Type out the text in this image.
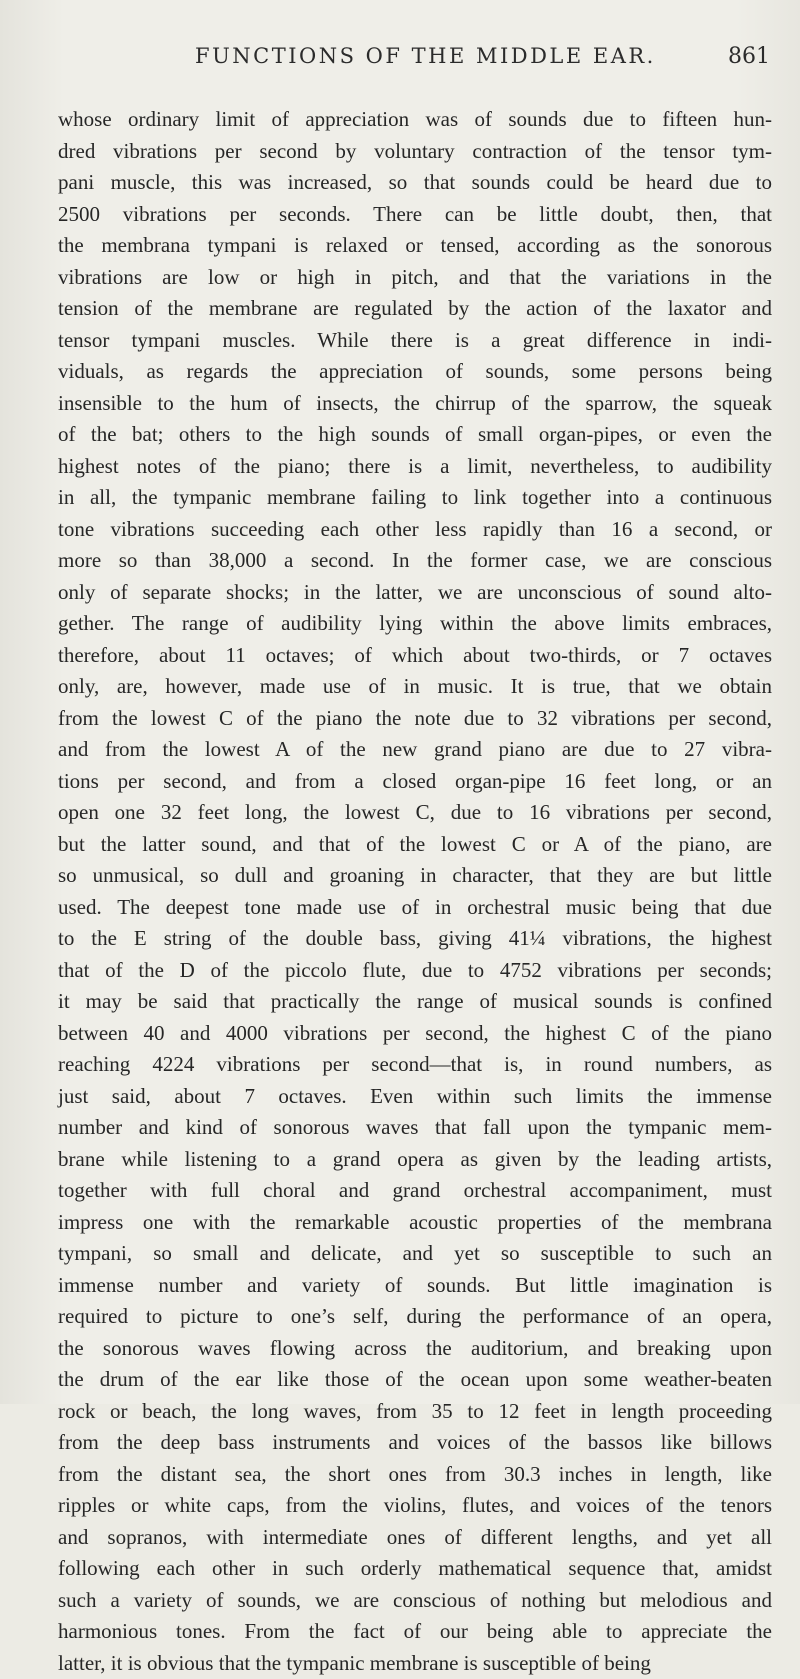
FUNCTIONS OF THE MIDDLE EAR.	861
whose ordinary limit of appreciation was of sounds due to fifteen hun-
dred vibrations per second by voluntary contraction of the tensor tym-
pani muscle, this was increased, so that sounds could be heard due to
2500 vibrations per seconds. There can be little doubt, then, that
the membrana tympani is relaxed or tensed, according as the sonorous
vibrations are low or high in pitch, and that the variations in the
tension of the membrane are regulated by the action of the laxator and
tensor tympani muscles. While there is a great difference in indi-
viduals, as regards the appreciation of sounds, some persons being
insensible to the hum of insects, the chirrup of the sparrow, the squeak
of the bat; others to the high sounds of small organ-pipes, or even the
highest notes of the piano; there is a limit, nevertheless, to audibility
in all, the tympanic membrane failing to link together into a continuous
tone vibrations succeeding each other less rapidly than 16 a second, or
more so than 38,000 a second. In the former case, we are conscious
only of separate shocks; in the latter, we are unconscious of sound alto-
gether. The range of audibility lying within the above limits embraces,
therefore, about 11 octaves; of which about two-thirds, or 7 octaves
only, are, however, made use of in music. It is true, that we obtain
from the lowest C of the piano the note due to 32 vibrations per second,
and from the lowest A of the new grand piano are due to 27 vibra-
tions per second, and from a closed organ-pipe 16 feet long, or an
open one 32 feet long, the lowest C, due to 16 vibrations per second,
but the latter sound, and that of the lowest C or A of the piano, are
so unmusical, so dull and groaning in character, that they are but little
used. The deepest tone made use of in orchestral music being that due
to the E string of the double bass, giving 41¼ vibrations, the highest
that of the D of the piccolo flute, due to 4752 vibrations per seconds;
it may be said that practically the range of musical sounds is confined
between 40 and 4000 vibrations per second, the highest C of the piano
reaching 4224 vibrations per second—that is, in round numbers, as
just said, about 7 octaves. Even within such limits the immense
number and kind of sonorous waves that fall upon the tympanic mem-
brane while listening to a grand opera as given by the leading artists,
together with full choral and grand orchestral accompaniment, must
impress one with the remarkable acoustic properties of the membrana
tympani, so small and delicate, and yet so susceptible to such an
immense number and variety of sounds. But little imagination is
required to picture to one’s self, during the performance of an opera,
the sonorous waves flowing across the auditorium, and breaking upon
the drum of the ear like those of the ocean upon some weather-beaten
rock or beach, the long waves, from 35 to 12 feet in length proceeding
from the deep bass instruments and voices of the bassos like billows
from the distant sea, the short ones from 30.3 inches in length, like
ripples or white caps, from the violins, flutes, and voices of the tenors
and sopranos, with intermediate ones of different lengths, and yet all
following each other in such orderly mathematical sequence that, amidst
such a variety of sounds, we are conscious of nothing but melodious and
harmonious tones. From the fact of our being able to appreciate the
latter, it is obvious that the tympanic membrane is susceptible of being
